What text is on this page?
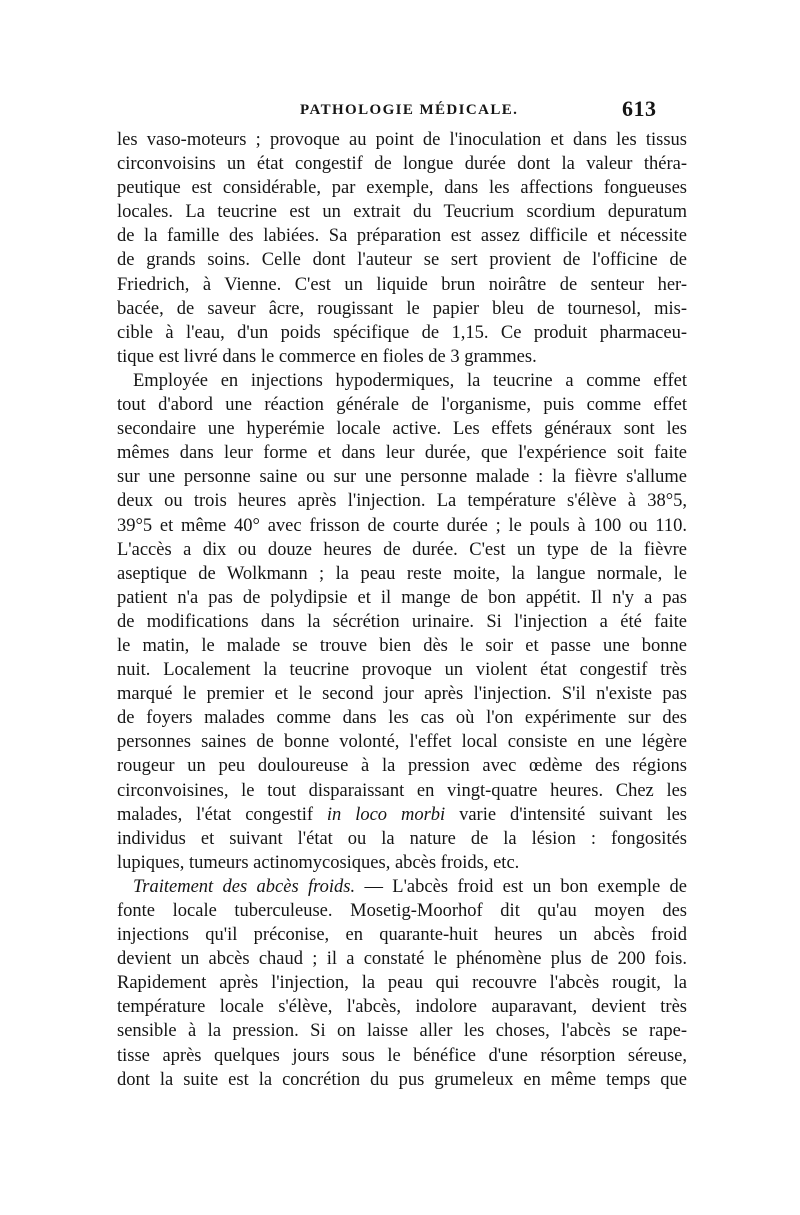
PATHOLOGIE MÉDICALE.	613
les vaso-moteurs ; provoque au point de l'inoculation et dans les tissus
circonvoisins un état congestif de longue durée dont la valeur théra-
peutique est considérable, par exemple, dans les affections fongueuses
locales. La teucrine est un extrait du Teucrium scordium depuratum
de la famille des labiées. Sa préparation est assez difficile et nécessite
de grands soins. Celle dont l'auteur se sert provient de l'officine de
Friedrich, à Vienne. C'est un liquide brun noirâtre de senteur her-
bacée, de saveur âcre, rougissant le papier bleu de tournesol, mis-
cible à l'eau, d'un poids spécifique de 1,15. Ce produit pharmaceu-
tique est livré dans le commerce en fioles de 3 grammes.
Employée en injections hypodermiques, la teucrine a comme effet
tout d'abord une réaction générale de l'organisme, puis comme effet
secondaire une hyperémie locale active. Les effets généraux sont les
mêmes dans leur forme et dans leur durée, que l'expérience soit faite
sur une personne saine ou sur une personne malade : la fièvre s'allume
deux ou trois heures après l'injection. La température s'élève à 38°5,
39°5 et même 40° avec frisson de courte durée ; le pouls à 100 ou 110.
L'accès a dix ou douze heures de durée. C'est un type de la fièvre
aseptique de Wolkmann ; la peau reste moite, la langue normale, le
patient n'a pas de polydipsie et il mange de bon appétit. Il n'y a pas
de modifications dans la sécrétion urinaire. Si l'injection a été faite
le matin, le malade se trouve bien dès le soir et passe une bonne
nuit. Localement la teucrine provoque un violent état congestif très
marqué le premier et le second jour après l'injection. S'il n'existe pas
de foyers malades comme dans les cas où l'on expérimente sur des
personnes saines de bonne volonté, l'effet local consiste en une légère
rougeur un peu douloureuse à la pression avec œdème des régions
circonvoisines, le tout disparaissant en vingt-quatre heures. Chez les
malades, l'état congestif in loco morbi varie d'intensité suivant les
individus et suivant l'état ou la nature de la lésion : fongosités
lupiques, tumeurs actinomycosiques, abcès froids, etc.
Traitement des abcès froids. — L'abcès froid est un bon exemple de
fonte locale tuberculeuse. Mosetig-Moorhof dit qu'au moyen des
injections qu'il préconise, en quarante-huit heures un abcès froid
devient un abcès chaud ; il a constaté le phénomène plus de 200 fois.
Rapidement après l'injection, la peau qui recouvre l'abcès rougit, la
température locale s'élève, l'abcès, indolore auparavant, devient très
sensible à la pression. Si on laisse aller les choses, l'abcès se rape-
tisse après quelques jours sous le bénéfice d'une résorption séreuse,
dont la suite est la concrétion du pus grumeleux en même temps que
